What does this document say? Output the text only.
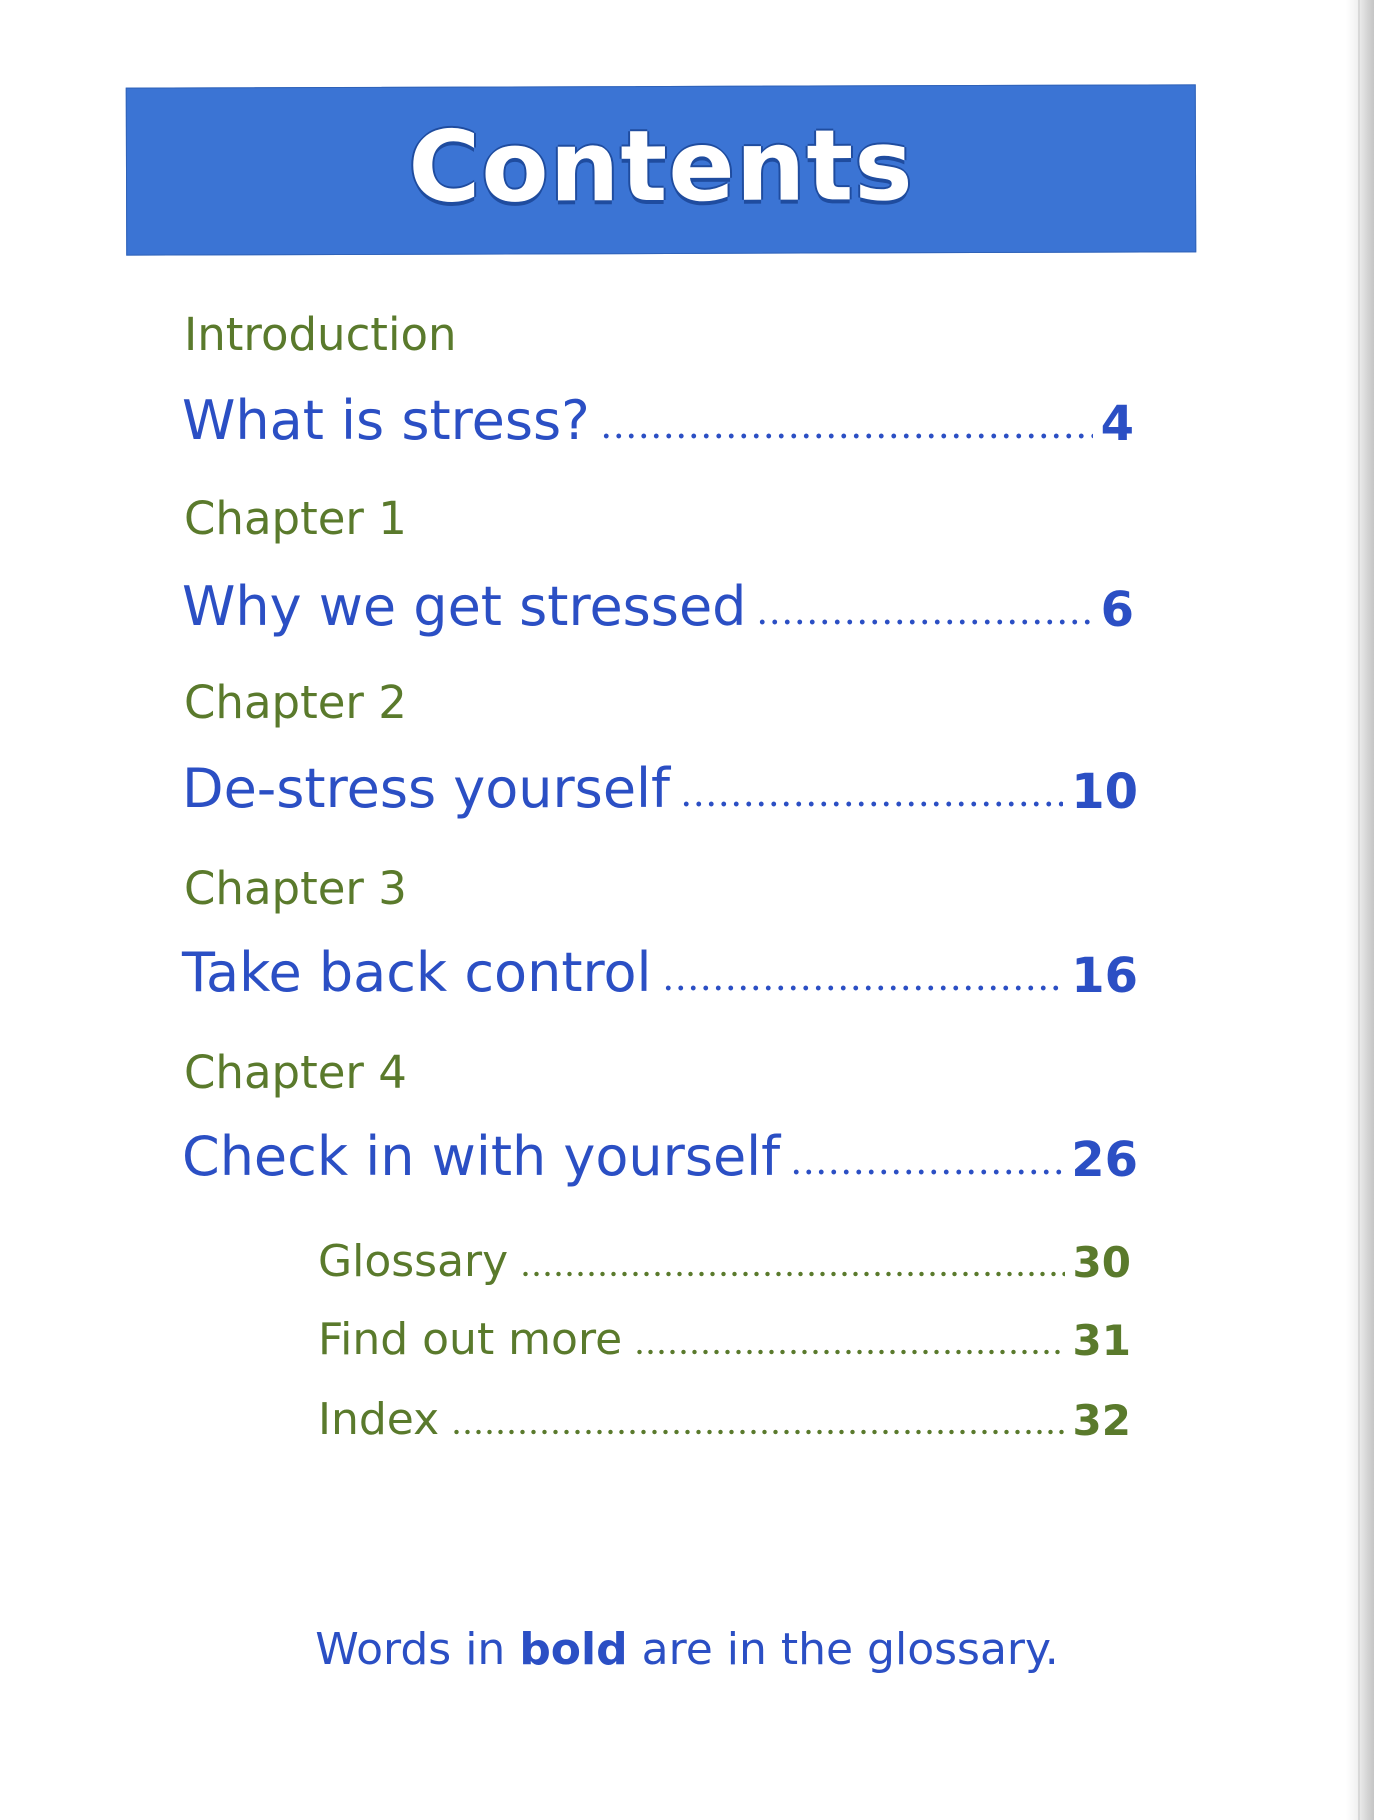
Contents
Introduction
What is stress?	4
Chapter 1
Why we get stressed	6
Chapter 2
De-stress yourself	10
Chapter 3
Take back control	16
Chapter 4
Check in with yourself	26
Glossary	30
Find out more	31
Index	32
Words in bold are in the glossary.
